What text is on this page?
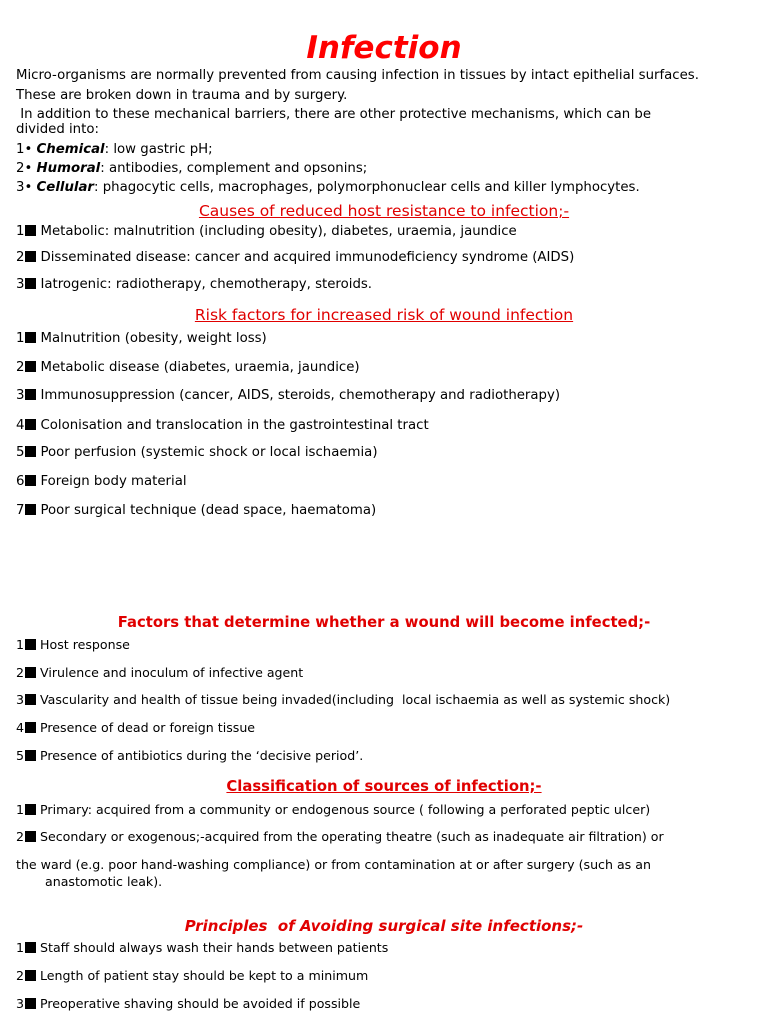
Infection
Micro-organisms are normally prevented from causing infection in tissues by intact epithelial surfaces.
These are broken down in trauma and by surgery.
In addition to these mechanical barriers, there are other protective mechanisms, which can be
divided into:
1• Chemical: low gastric pH;
2• Humoral: antibodies, complement and opsonins;
3• Cellular: phagocytic cells, macrophages, polymorphonuclear cells and killer lymphocytes.
Causes of reduced host resistance to infection;-
1 Metabolic: malnutrition (including obesity), diabetes, uraemia, jaundice
2 Disseminated disease: cancer and acquired immunodeficiency syndrome (AIDS)
3 Iatrogenic: radiotherapy, chemotherapy, steroids.
Risk factors for increased risk of wound infection
1 Malnutrition (obesity, weight loss)
2 Metabolic disease (diabetes, uraemia, jaundice)
3 Immunosuppression (cancer, AIDS, steroids, chemotherapy and radiotherapy)
4 Colonisation and translocation in the gastrointestinal tract
5 Poor perfusion (systemic shock or local ischaemia)
6 Foreign body material
7 Poor surgical technique (dead space, haematoma)
Factors that determine whether a wound will become infected;-
1 Host response
2 Virulence and inoculum of infective agent
3 Vascularity and health of tissue being invaded(including  local ischaemia as well as systemic shock)
4 Presence of dead or foreign tissue
5 Presence of antibiotics during the ‘decisive period’.
Classification of sources of infection;-
1 Primary: acquired from a community or endogenous source ( following a perforated peptic ulcer)
2 Secondary or exogenous;-acquired from the operating theatre (such as inadequate air filtration) or
the ward (e.g. poor hand-washing compliance) or from contamination at or after surgery (such as an
anastomotic leak).
Principles  of Avoiding surgical site infections;-
1 Staff should always wash their hands between patients
2 Length of patient stay should be kept to a minimum
3 Preoperative shaving should be avoided if possible
